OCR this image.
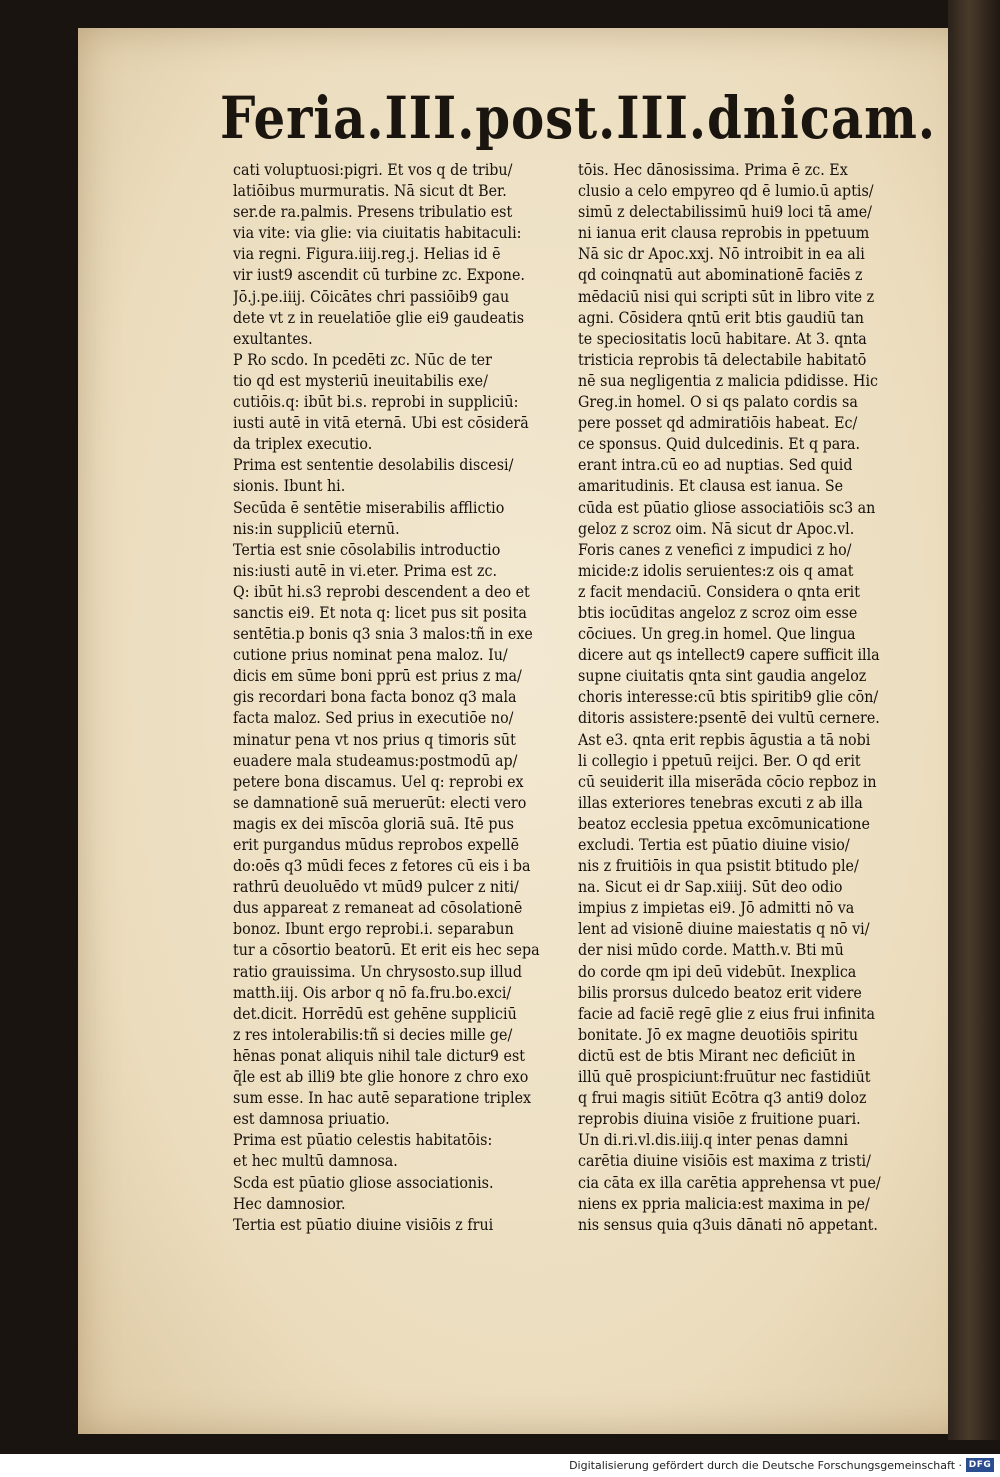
Feria.III.post.III.dnicam.
cati voluptuosi:pigri. Et vos q de tribu/
latiōibus murmuratis. Nā sicut dt Ber.
ser.de ra.palmis. Presens tribulatio est
via vite: via glie: via ciuitatis habitaculi:
via regni. Figura.iiij.reg.j. Helias id ē
vir iust9 ascendit cū turbine zc. Expone.
Jō.j.pe.iiij. Cōicātes chri passiōib9 gau
dete vt z in reuelatiōe glie ei9 gaudeatis
exultantes.
P Ro scdo. In pcedēti zc. Nūc de ter
tio qd est mysteriū ineuitabilis exe/
cutiōis.q: ibūt bi.s. reprobi in suppliciū:
iusti autē in vitā eternā. Ubi est cōsiderā
da triplex executio.
Prima est sententie desolabilis discesi/
sionis. Ibunt hi.
Secūda ē sentētie miserabilis afflictio
nis:in suppliciū eternū.
Tertia est snie cōsolabilis introductio
nis:iusti autē in vi.eter. Prima est zc.
Q: ibūt hi.s3 reprobi descendent a deo et
sanctis ei9. Et nota q: licet pus sit posita
sentētia.p bonis q3 snia 3 malos:tñ in exe
cutione prius nominat pena maloz. Iu/
dicis em sūme boni pprū est prius z ma/
gis recordari bona facta bonoz q3 mala
facta maloz. Sed prius in executiōe no/
minatur pena vt nos prius q timoris sūt
euadere mala studeamus:postmodū ap/
petere bona discamus. Uel q: reprobi ex
se damnationē suā meruerūt: electi vero
magis ex dei mīscōa gloriā suā. Itē pus
erit purgandus mūdus reprobos expellē
do:oēs q3 mūdi feces z fetores cū eis i ba
rathrū deuoluēdo vt mūd9 pulcer z niti/
dus appareat z remaneat ad cōsolationē
bonoz. Ibunt ergo reprobi.i. separabun
tur a cōsortio beatorū. Et erit eis hec sepa
ratio grauissima. Un chrysosto.sup illud
matth.iij. Ois arbor q nō fa.fru.bo.exci/
det.dicit. Horrēdū est gehēne suppliciū
z res intolerabilis:tñ si decies mille ge/
hēnas ponat aliquis nihil tale dictur9 est
q̄le est ab illi9 bte glie honore z chro exo
sum esse. In hac autē separatione triplex
est damnosa priuatio.
Prima est pūatio celestis habitatōis:
et hec multū damnosa.
Scda est pūatio gliose associationis.
Hec damnosior.
Tertia est pūatio diuine visiōis z frui
tōis. Hec dānosissima. Prima ē zc. Ex
clusio a celo empyreo qd ē lumio.ū aptis/
simū z delectabilissimū hui9 loci tā ame/
ni ianua erit clausa reprobis in ppetuum
Nā sic dr Apoc.xxj. Nō introibit in ea ali
qd coinqnatū aut abominationē faciēs z
mēdaciū nisi qui scripti sūt in libro vite z
agni. Cōsidera qntū erit btis gaudiū tan
te speciositatis locū habitare. At 3. qnta
tristicia reprobis tā delectabile habitatō
nē sua negligentia z malicia pdidisse. Hic
Greg.in homel. O si qs palato cordis sa
pere posset qd admiratiōis habeat. Ec/
ce sponsus. Quid dulcedinis. Et q para.
erant intra.cū eo ad nuptias. Sed quid
amaritudinis. Et clausa est ianua. Se
cūda est pūatio gliose associatiōis sc3 an
geloz z scroz oim. Nā sicut dr Apoc.vl.
Foris canes z venefici z impudici z ho/
micide:z idolis seruientes:z ois q amat
z facit mendaciū. Considera o qnta erit
btis iocūditas angeloz z scroz oim esse
cōciues. Un greg.in homel. Que lingua
dicere aut qs intellect9 capere sufficit illa
supne ciuitatis qnta sint gaudia angeloz
choris interesse:cū btis spiritib9 glie cōn/
ditoris assistere:psentē dei vultū cernere.
Ast e3. qnta erit repbis āgustia a tā nobi
li collegio i ppetuū reijci. Ber. O qd erit
cū seuiderit illa miserāda cōcio repboz in
illas exteriores tenebras excuti z ab illa
beatoz ecclesia ppetua excōmunicatione
excludi. Tertia est pūatio diuine visio/
nis z fruitiōis in qua psistit btitudo ple/
na. Sicut ei dr Sap.xiiij. Sūt deo odio
impius z impietas ei9. Jō admitti nō va
lent ad visionē diuine maiestatis q nō vi/
der nisi mūdo corde. Matth.v. Bti mū
do corde qm ipi deū videbūt. Inexplica
bilis prorsus dulcedo beatoz erit videre
facie ad faciē regē glie z eius frui infinita
bonitate. Jō ex magne deuotiōis spiritu
dictū est de btis Mirant nec deficiūt in
illū quē prospiciunt:fruūtur nec fastidiūt
q frui magis sitiūt Ecōtra q3 anti9 doloz
reprobis diuina visiōe z fruitione puari.
Un di.ri.vl.dis.iiij.q inter penas damni
carētia diuine visiōis est maxima z tristi/
cia cāta ex illa carētia apprehensa vt pue/
niens ex ppria malicia:est maxima in pe/
nis sensus quia q3uis dānati nō appetant.
Digitalisierung gefördert durch die Deutsche Forschungsgemeinschaft · DFG
